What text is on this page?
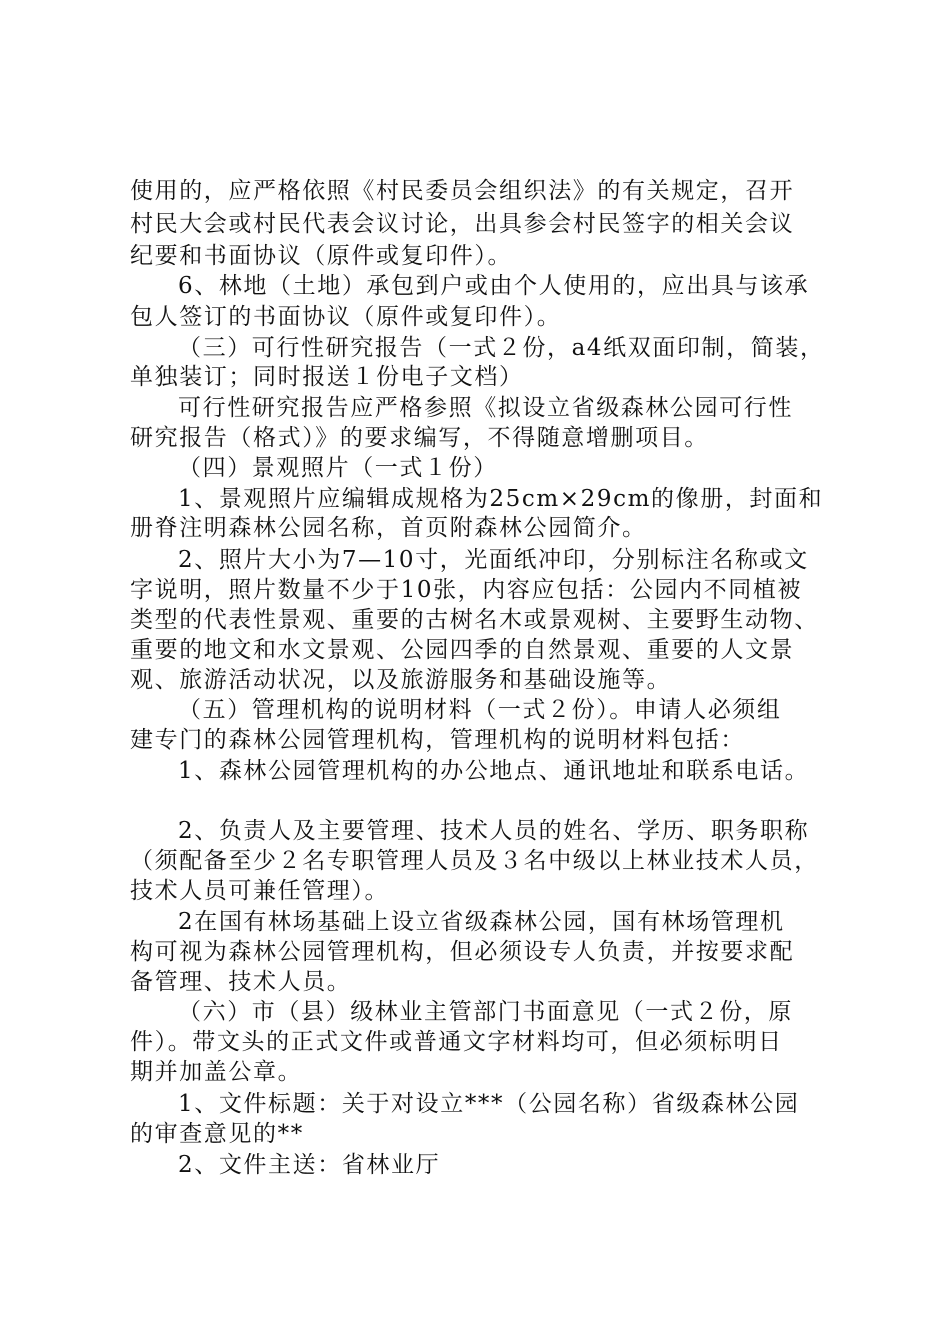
使用的，应严格依照《村民委员会组织法》的有关规定，召开
村民大会或村民代表会议讨论，出具参会村民签字的相关会议
纪要和书面协议（原件或复印件）。
6、林地（土地）承包到户或由个人使用的，应出具与该承
包人签订的书面协议（原件或复印件）。
（三）可行性研究报告（一式２份，a4纸双面印制，简装，
单独装订；同时报送１份电子文档）
可行性研究报告应严格参照《拟设立省级森林公园可行性
研究报告（格式）》的要求编写，不得随意增删项目。
（四）景观照片（一式１份）
1、景观照片应编辑成规格为25cm×29cm的像册，封面和
册脊注明森林公园名称，首页附森林公园简介。
2、照片大小为7—10寸，光面纸冲印，分别标注名称或文
字说明，照片数量不少于10张，内容应包括：公园内不同植被
类型的代表性景观、重要的古树名木或景观树、主要野生动物、
重要的地文和水文景观、公园四季的自然景观、重要的人文景
观、旅游活动状况，以及旅游服务和基础设施等。
（五）管理机构的说明材料（一式２份）。申请人必须组
建专门的森林公园管理机构，管理机构的说明材料包括：
1、森林公园管理机构的办公地点、通讯地址和联系电话。
2、负责人及主要管理、技术人员的姓名、学历、职务职称
（须配备至少２名专职管理人员及３名中级以上林业技术人员，
技术人员可兼任管理）。
2在国有林场基础上设立省级森林公园，国有林场管理机
构可视为森林公园管理机构，但必须设专人负责，并按要求配
备管理、技术人员。
（六）市（县）级林业主管部门书面意见（一式２份，原
件）。带文头的正式文件或普通文字材料均可，但必须标明日
期并加盖公章。
1、文件标题：关于对设立***（公园名称）省级森林公园
的审查意见的**
2、文件主送：省林业厅
